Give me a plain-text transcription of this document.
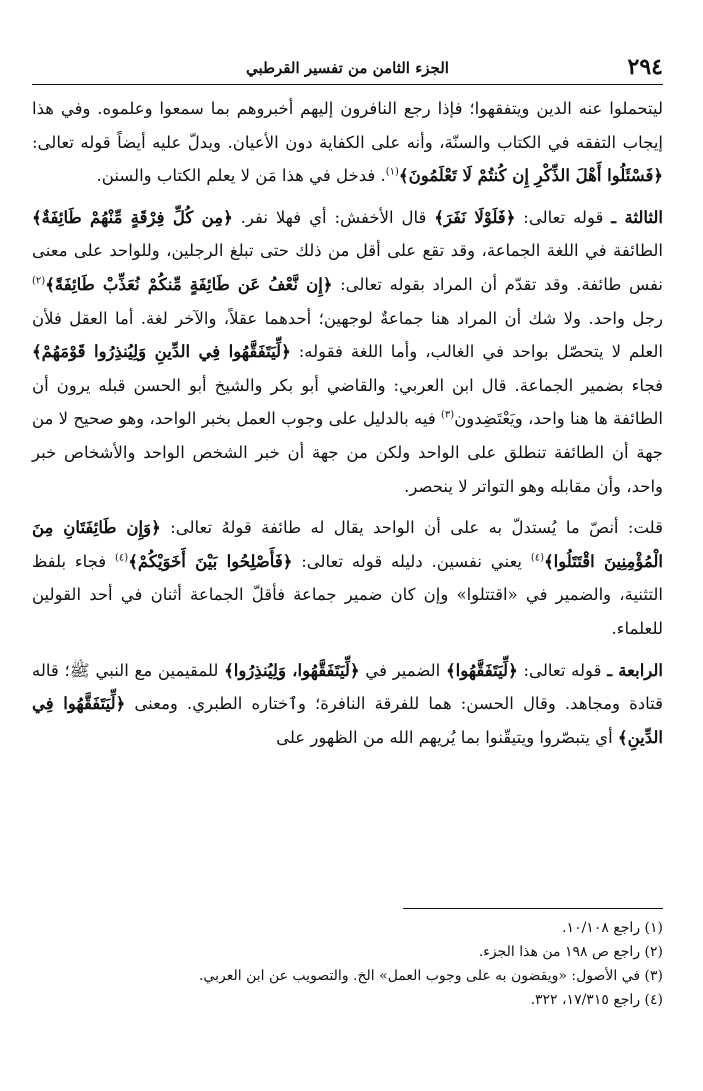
٢٩٤
الجزء الثامن من تفسير القرطبي

ليتحملوا عنه الدين ويتفقهوا؛ فإذا رجع النافرون إليهم أخبروهم بما سمعوا وعلموه. وفي هذا إيجاب التفقه في الكتاب والسنّة، وأنه على الكفاية دون الأعيان. ويدلّ عليه أيضاً قوله تعالى: ﴿فَسْئَلُوا أَهْلَ الذِّكْرِ إِن كُنتُمْ لَا تَعْلَمُونَ﴾$^{(١)}$. فدخل في هذا مَن لا يعلم الكتاب والسنن.

الثالثة ـ قوله تعالى: ﴿فَلَوْلَا نَفَرَ﴾ قال الأخفش: أي فهلا نفر. ﴿مِن كُلِّ فِرْقَةٍ مِّنْهُمْ طَائِفَةٌ﴾ الطائفة في اللغة الجماعة، وقد تقع على أقل من ذلك حتى تبلغ الرجلين، وللواحد على معنى نفس طائفة. وقد تقدّم أن المراد بقوله تعالى: ﴿إِن نَّعْفُ عَن طَائِفَةٍ مِّنكُمْ نُعَذِّبْ طَائِفَةً﴾$^{(٢)}$ رجل واحد. ولا شك أن المراد هنا جماعةٌ لوجهين؛ أحدهما عقلاً، والآخر لغة. أما العقل فلأن العلم لا يتحصّل بواحد في الغالب، وأما اللغة فقوله: ﴿لِّيَتَفَقَّهُوا فِي الدِّينِ وَلِيُنذِرُوا قَوْمَهُمْ﴾ فجاء بضمير الجماعة. قال ابن العربي: والقاضي أبو بكر والشيخ أبو الحسن قبله يرون أن الطائفة ها هنا واحد، ويَعْتَضِدون$^{(٣)}$ فيه بالدليل على وجوب العمل بخبر الواحد، وهو صحيح لا من جهة أن الطائفة تنطلق على الواحد ولكن من جهة أن خبر الشخص الواحد والأشخاص خبر واحد، وأن مقابله وهو التواتر لا ينحصر.

قلت: أنصّ ما يُستدلّ به على أن الواحد يقال له طائفة قولهُ تعالى: ﴿وَإِن طَائِفَتَانِ مِنَ الْمُؤْمِنِينَ اقْتَتَلُوا﴾$^{(٤)}$ يعني نفسين. دليله قوله تعالى: ﴿فَأَصْلِحُوا بَيْنَ أَخَوَيْكُمْ﴾$^{(٤)}$ فجاء بلفظ التثنية، والضمير في «اقتتلوا» وإن كان ضمير جماعة فأقلّ الجماعة أثنان في أحد القولين للعلماء.

الرابعة ـ قوله تعالى: ﴿لِّيَتَفَقَّهُوا﴾ الضمير في ﴿لِّيَتَفَقَّهُوا، وَلِيُنذِرُوا﴾ للمقيمين مع النبي ﷺ؛ قاله قتادة ومجاهد. وقال الحسن: هما للفرقة النافرة؛ وٱختاره الطبري. ومعنى ﴿لِّيَتَفَقَّهُوا فِي الدِّينِ﴾ أي يتبصّروا ويتيقّنوا بما يُريهم الله من الظهور على

(١) راجع ١٠/١٠٨.
(٢) راجع ص ١٩٨ من هذا الجزء.
(٣) في الأصول: «ويقضون به على وجوب العمل» الخ. والتصويب عن ابن العربي.
(٤) راجع ١٧/٣١٥، ٣٢٢.
